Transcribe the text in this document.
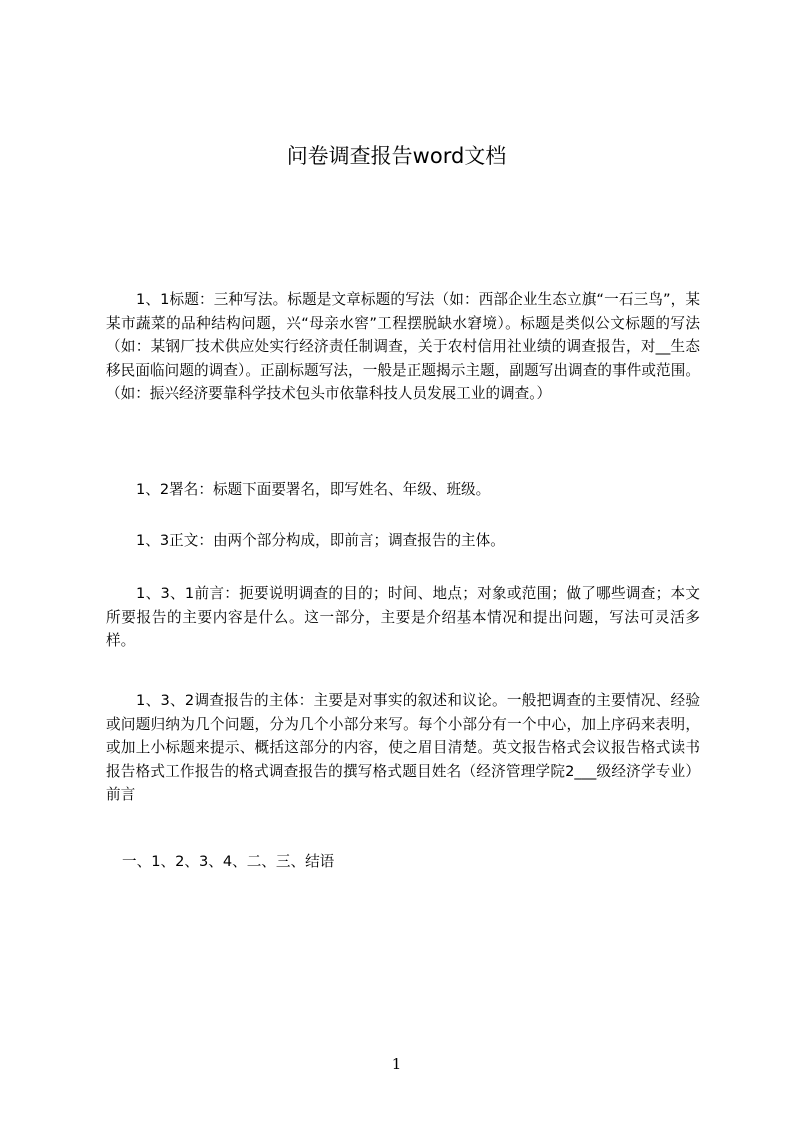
问卷调查报告word文档

1、1标题：三种写法。标题是文章标题的写法（如：西部企业生态立旗“一石三鸟”，某某市蔬菜的品种结构问题，兴“母亲水窖”工程摆脱缺水窘境）。标题是类似公文标题的写法（如：某钢厂技术供应处实行经济责任制调查，关于农村信用社业绩的调查报告，对__生态移民面临问题的调查）。正副标题写法，一般是正题揭示主题，副题写出调查的事件或范围。（如：振兴经济要靠科学技术包头市依靠科技人员发展工业的调查。）

1、2署名：标题下面要署名，即写姓名、年级、班级。

1、3正文：由两个部分构成，即前言；调查报告的主体。

1、3、1前言：扼要说明调查的目的；时间、地点；对象或范围；做了哪些调查；本文所要报告的主要内容是什么。这一部分，主要是介绍基本情况和提出问题，写法可灵活多样。

1、3、2调查报告的主体：主要是对事实的叙述和议论。一般把调查的主要情况、经验或问题归纳为几个问题，分为几个小部分来写。每个小部分有一个中心，加上序码来表明，或加上小标题来提示、概括这部分的内容，使之眉目清楚。英文报告格式会议报告格式读书报告格式工作报告的格式调查报告的撰写格式题目姓名（经济管理学院2___级经济学专业）前言

一、1、2、3、4、二、三、结语

1
